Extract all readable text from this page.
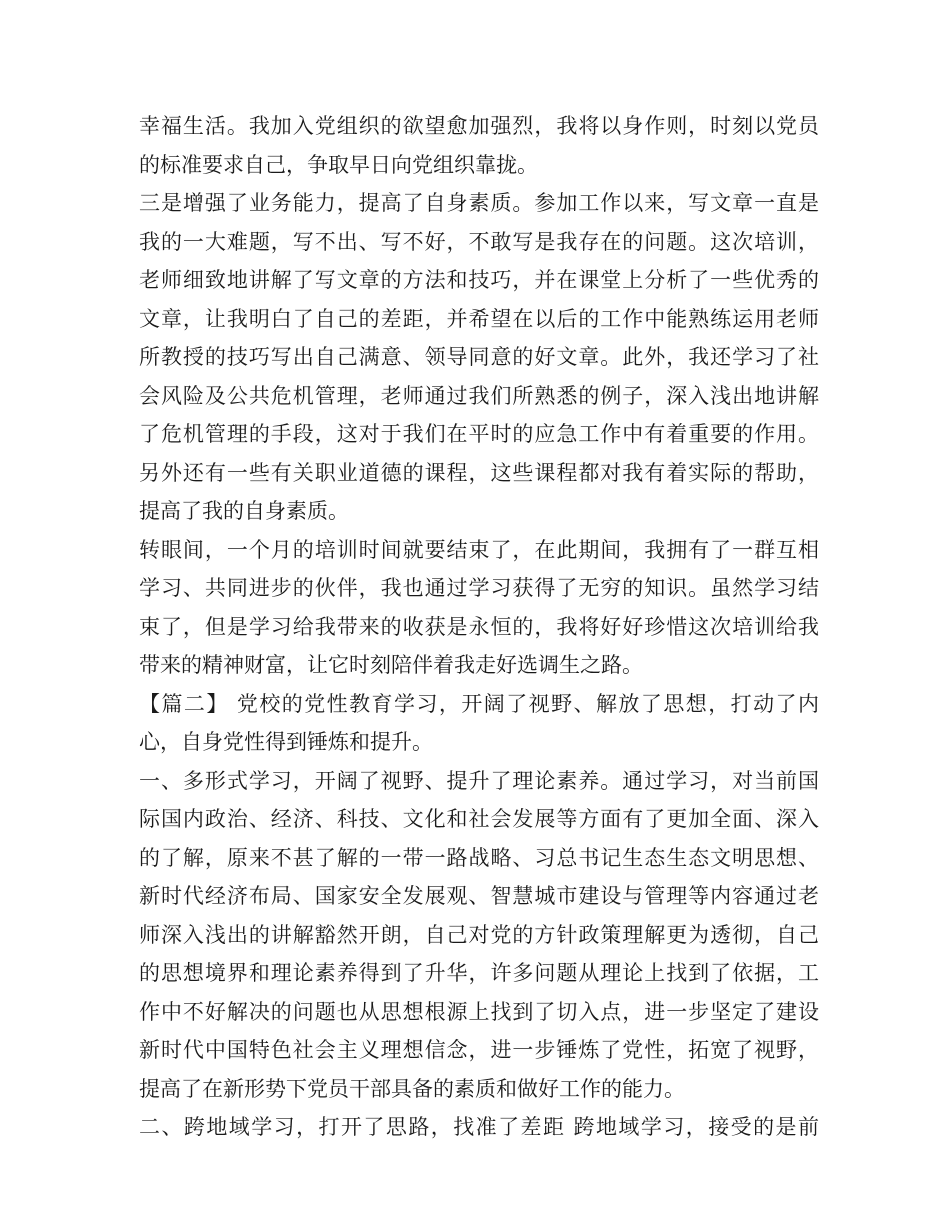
幸福生活。我加入党组织的欲望愈加强烈，我将以身作则，时刻以党员
的标准要求自己，争取早日向党组织靠拢。
三是增强了业务能力，提高了自身素质。参加工作以来，写文章一直是
我的一大难题，写不出、写不好，不敢写是我存在的问题。这次培训，
老师细致地讲解了写文章的方法和技巧，并在课堂上分析了一些优秀的
文章，让我明白了自己的差距，并希望在以后的工作中能熟练运用老师
所教授的技巧写出自己满意、领导同意的好文章。此外，我还学习了社
会风险及公共危机管理，老师通过我们所熟悉的例子，深入浅出地讲解
了危机管理的手段，这对于我们在平时的应急工作中有着重要的作用。
另外还有一些有关职业道德的课程，这些课程都对我有着实际的帮助，
提高了我的自身素质。
转眼间，一个月的培训时间就要结束了，在此期间，我拥有了一群互相
学习、共同进步的伙伴，我也通过学习获得了无穷的知识。虽然学习结
束了，但是学习给我带来的收获是永恒的，我将好好珍惜这次培训给我
带来的精神财富，让它时刻陪伴着我走好选调生之路。
【篇二】 党校的党性教育学习，开阔了视野、解放了思想，打动了内
心，自身党性得到锤炼和提升。
一、多形式学习，开阔了视野、提升了理论素养。通过学习，对当前国
际国内政治、经济、科技、文化和社会发展等方面有了更加全面、深入
的了解，原来不甚了解的一带一路战略、习总书记生态生态文明思想、
新时代经济布局、国家安全发展观、智慧城市建设与管理等内容通过老
师深入浅出的讲解豁然开朗，自己对党的方针政策理解更为透彻，自己
的思想境界和理论素养得到了升华，许多问题从理论上找到了依据，工
作中不好解决的问题也从思想根源上找到了切入点，进一步坚定了建设
新时代中国特色社会主义理想信念，进一步锤炼了党性，拓宽了视野，
提高了在新形势下党员干部具备的素质和做好工作的能力。
二、跨地域学习，打开了思路，找准了差距 跨地域学习，接受的是前
